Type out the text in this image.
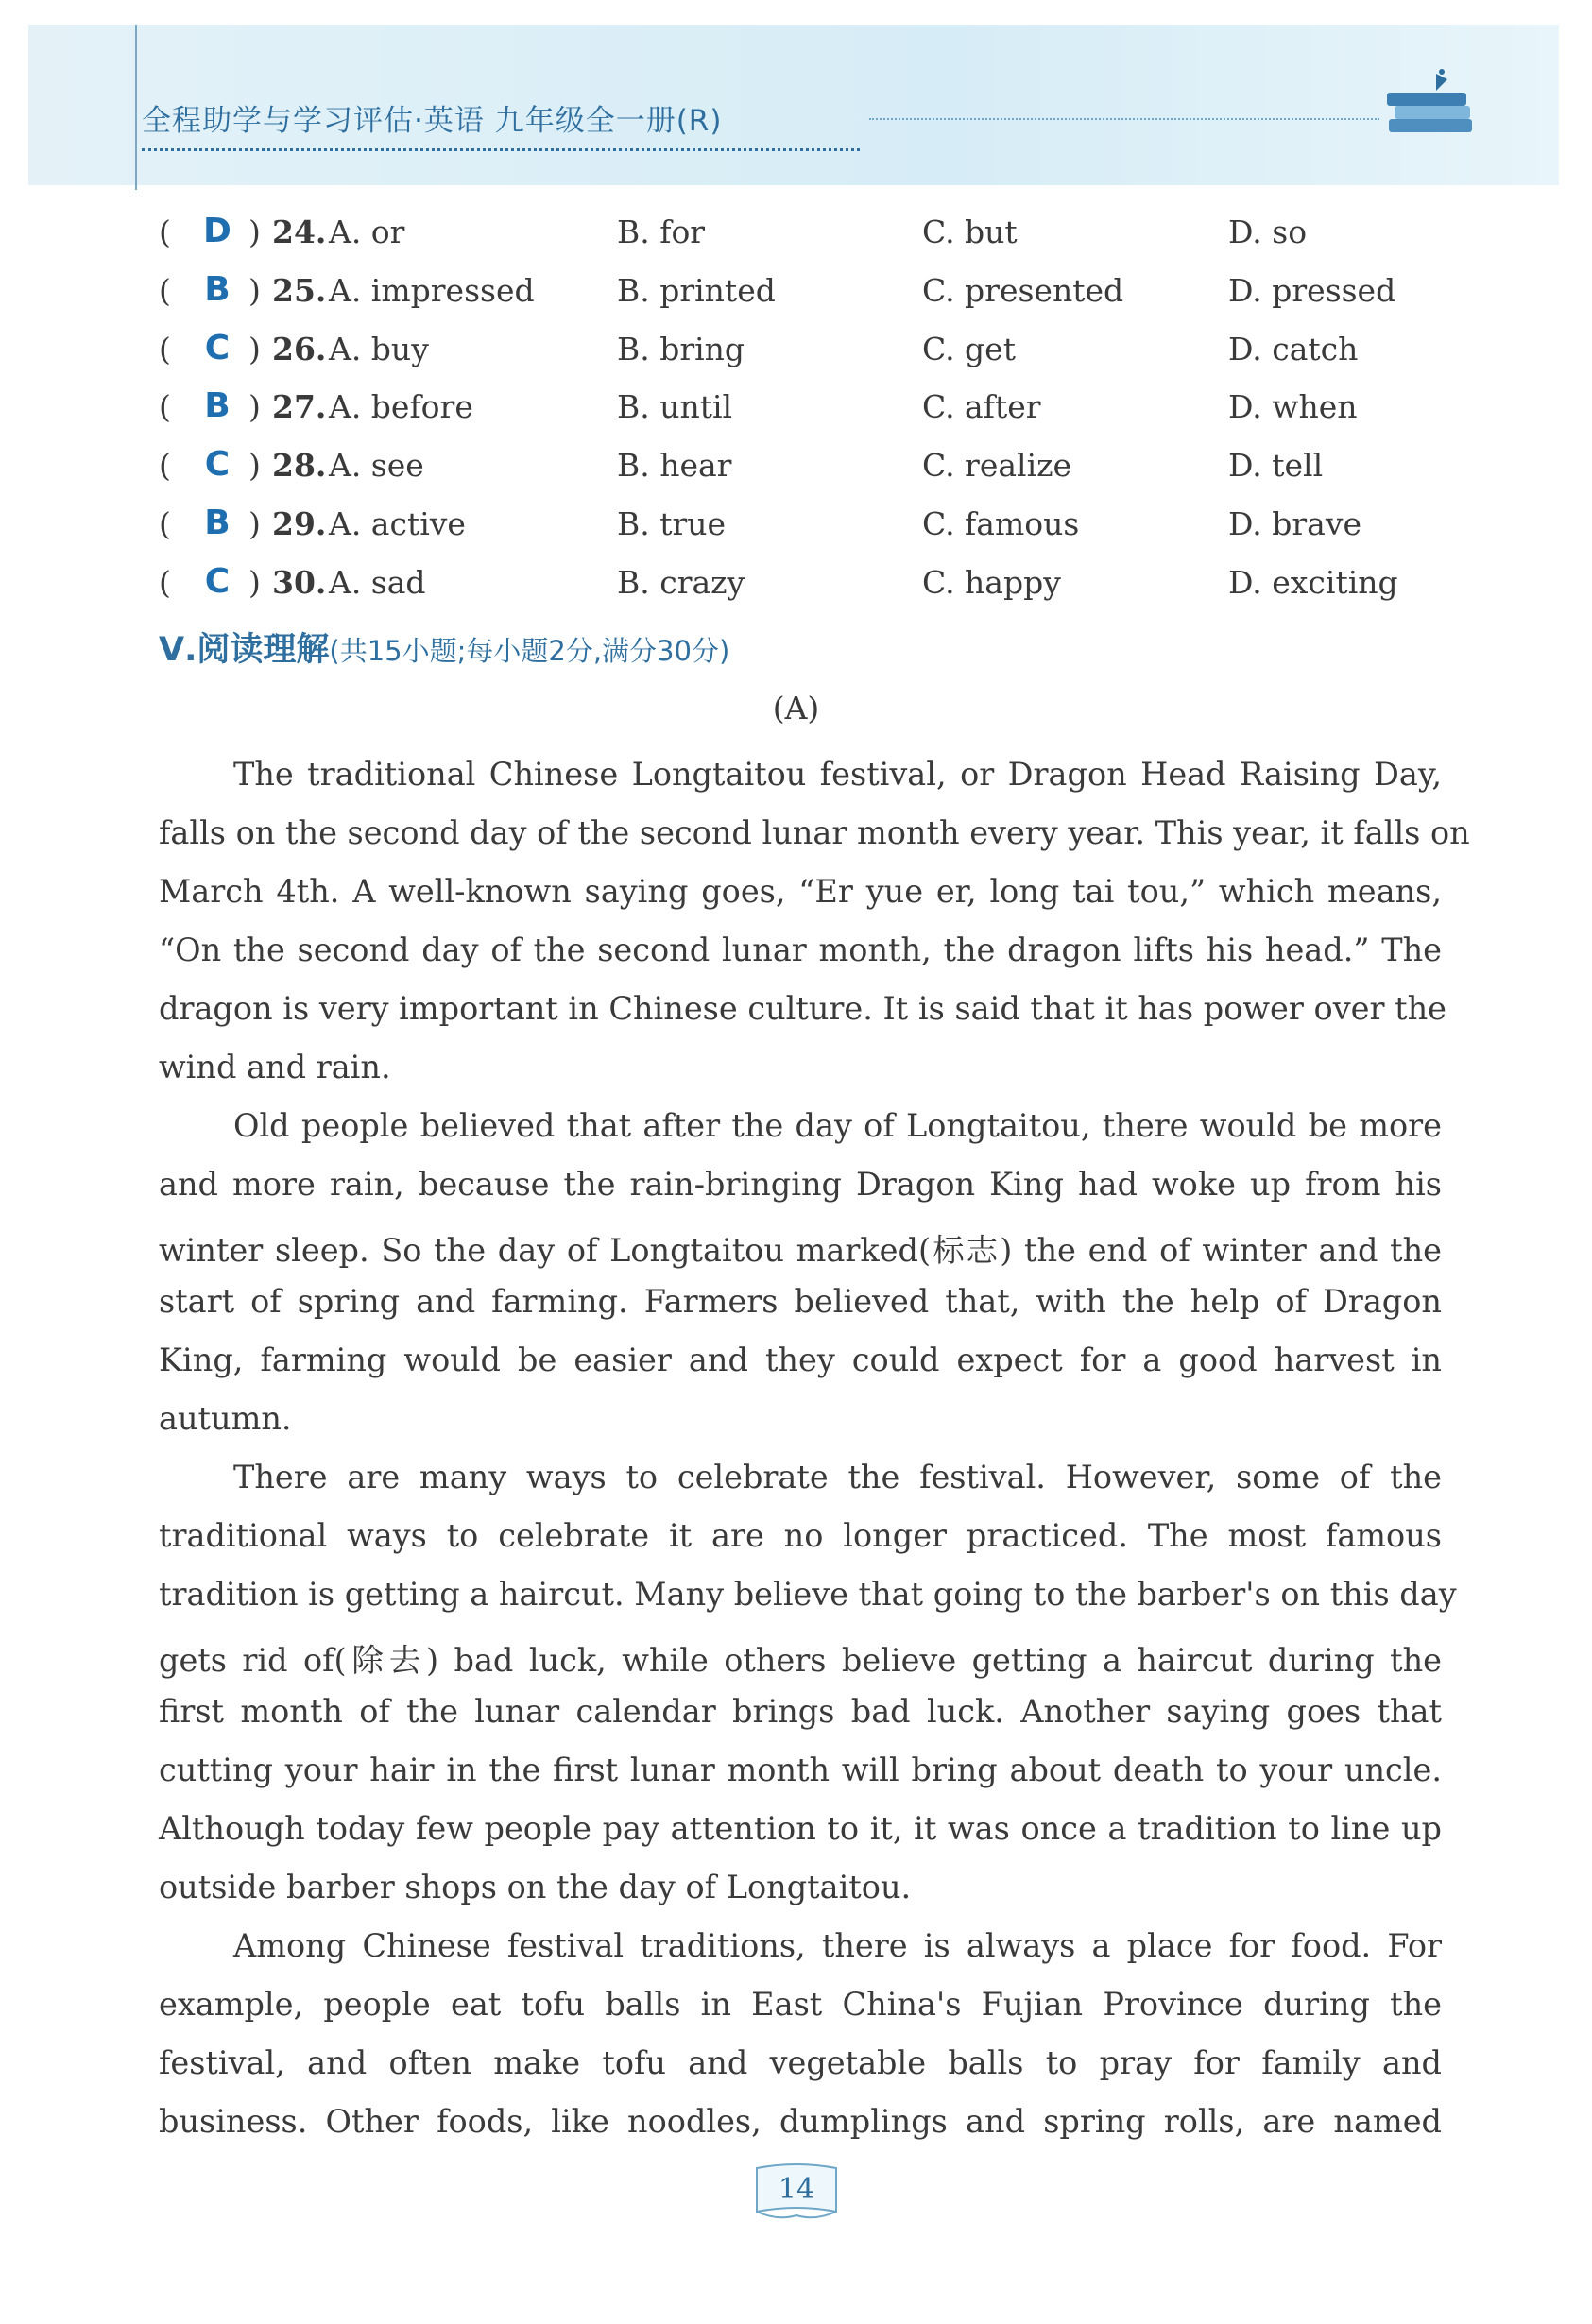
全程助学与学习评估·英语 九年级全一册(R)
( D ) 24. A. or	B. for	C. but	D. so
( B ) 25. A. impressed	B. printed	C. presented	D. pressed
( C ) 26. A. buy	B. bring	C. get	D. catch
( B ) 27. A. before	B. until	C. after	D. when
( C ) 28. A. see	B. hear	C. realize	D. tell
( B ) 29. A. active	B. true	C. famous	D. brave
( C ) 30. A. sad	B. crazy	C. happy	D. exciting
Ⅴ.阅读理解(共15小题;每小题2分,满分30分)
(A)
The traditional Chinese Longtaitou festival, or Dragon Head Raising Day,
falls on the second day of the second lunar month every year. This year, it falls on
March 4th. A well-known saying goes, “Er yue er, long tai tou,” which means,
“On the second day of the second lunar month, the dragon lifts his head.” The
dragon is very important in Chinese culture. It is said that it has power over the
wind and rain.
Old people believed that after the day of Longtaitou, there would be more
and more rain, because the rain-bringing Dragon King had woke up from his
winter sleep. So the day of Longtaitou marked(标志) the end of winter and the
start of spring and farming. Farmers believed that, with the help of Dragon
King, farming would be easier and they could expect for a good harvest in
autumn.
There are many ways to celebrate the festival. However, some of the
traditional ways to celebrate it are no longer practiced. The most famous
tradition is getting a haircut. Many believe that going to the barber's on this day
gets rid of(除去) bad luck, while others believe getting a haircut during the
first month of the lunar calendar brings bad luck. Another saying goes that
cutting your hair in the first lunar month will bring about death to your uncle.
Although today few people pay attention to it, it was once a tradition to line up
outside barber shops on the day of Longtaitou.
Among Chinese festival traditions, there is always a place for food. For
example, people eat tofu balls in East China's Fujian Province during the
festival, and often make tofu and vegetable balls to pray for family and
business. Other foods, like noodles, dumplings and spring rolls, are named
14
